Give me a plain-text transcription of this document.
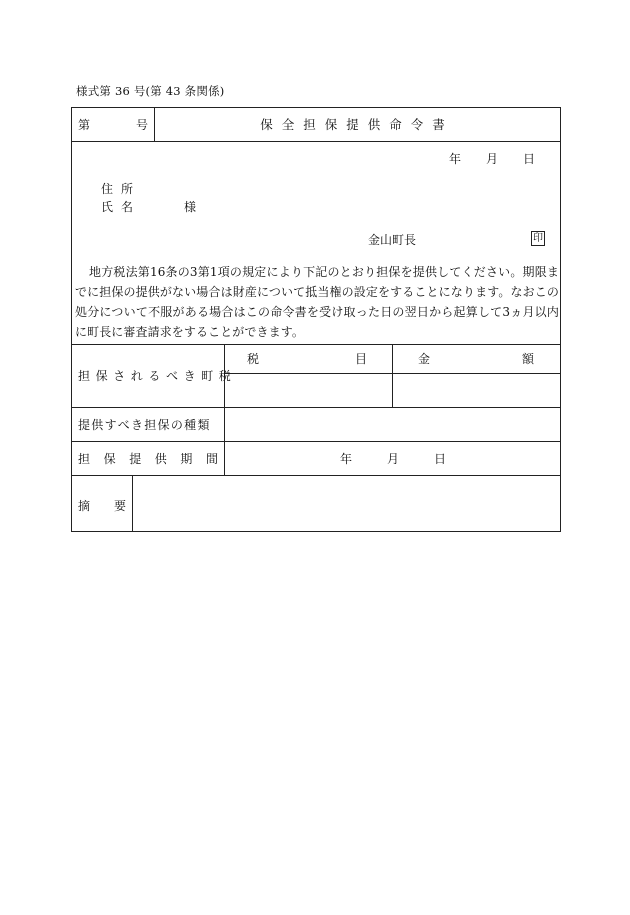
様式第 36 号(第 43 条関係)
第	号	保全担保提供命令書
年 月 日
住所
氏名	様
金山町長	印
地方税法第16条の3第1項の規定により下記のとおり担保を提供してください。期限までに担保の提供がない場合は財産について抵当権の設定をすることになります。なおこの処分について不服がある場合はこの命令書を受け取った日の翌日から起算して3ヵ月以内に町長に審査請求をすることができます。
担保されるべき町税
税	目	金	額
提供すべき担保の種類
担 保 提 供 期 間	年	月	日
摘 要
